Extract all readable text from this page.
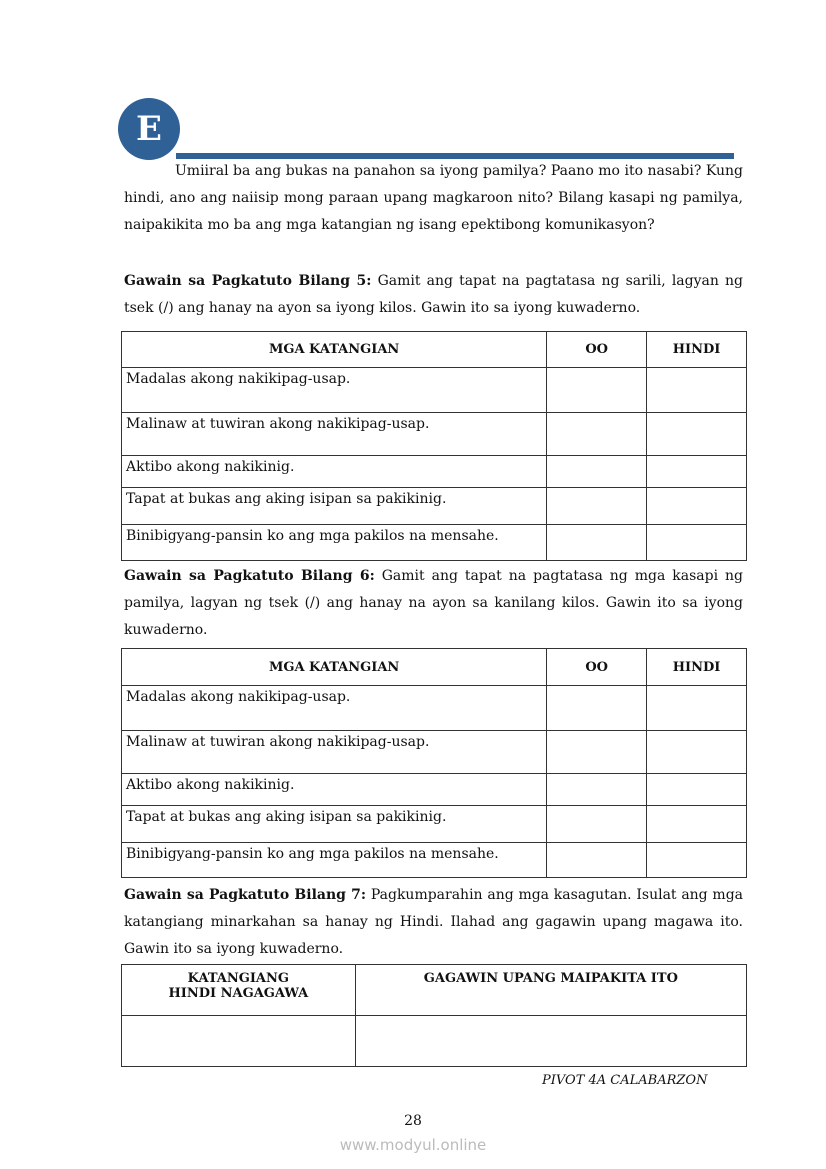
E
Umiiral ba ang bukas na panahon sa iyong pamilya? Paano mo ito nasabi? Kung hindi, ano ang naiisip mong paraan upang magkaroon nito? Bilang kasapi ng pamilya, naipakikita mo ba ang mga katangian ng isang epektibong komunikasyon?
Gawain sa Pagkatuto Bilang 5: Gamit ang tapat na pagtatasa ng sarili, lagyan ng tsek (/) ang hanay na ayon sa iyong kilos. Gawin ito sa iyong kuwaderno.
MGA KATANGIAN	OO	HINDI
Madalas akong nakikipag-usap.		
Malinaw at tuwiran akong nakikipag-usap.		
Aktibo akong nakikinig.		
Tapat at bukas ang aking isipan sa pakikinig.		
Binibigyang-pansin ko ang mga pakilos na mensahe.		
Gawain sa Pagkatuto Bilang 6: Gamit ang tapat na pagtatasa ng mga kasapi ng pamilya, lagyan ng tsek (/) ang hanay na ayon sa kanilang kilos. Gawin ito sa iyong kuwaderno.
MGA KATANGIAN	OO	HINDI
Madalas akong nakikipag-usap.		
Malinaw at tuwiran akong nakikipag-usap.		
Aktibo akong nakikinig.		
Tapat at bukas ang aking isipan sa pakikinig.		
Binibigyang-pansin ko ang mga pakilos na mensahe.		
Gawain sa Pagkatuto Bilang 7: Pagkumparahin ang mga kasagutan. Isulat ang mga katangiang minarkahan sa hanay ng Hindi. Ilahad ang gagawin upang magawa ito. Gawin ito sa iyong kuwaderno.
KATANGIANG
HINDI NAGAGAWA	GAGAWIN UPANG MAIPAKITA ITO

PIVOT 4A CALABARZON
28
www.modyul.online
